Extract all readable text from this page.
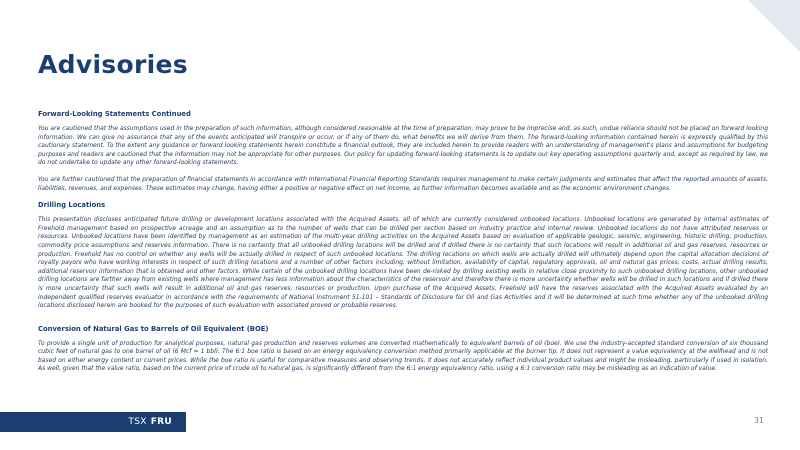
Advisories
Forward-Looking Statements Continued

You are cautioned that the assumptions used in the preparation of such information, although considered reasonable at the time of preparation, may prove to be imprecise and, as such, undue reliance should not be placed on forward looking information. We can give no assurance that any of the events anticipated will transpire or occur, or if any of them do, what benefits we will derive from them. The forward-looking information contained herein is expressly qualified by this cautionary statement. To the extent any guidance or forward looking statements herein constitute a financial outlook, they are included herein to provide readers with an understanding of management's plans and assumptions for budgeting purposes and readers are cautioned that the information may not be appropriate for other purposes. Our policy for updating forward-looking statements is to update our key operating assumptions quarterly and, except as required by law, we do not undertake to update any other forward-looking statements.

You are further cautioned that the preparation of financial statements in accordance with International Financial Reporting Standards requires management to make certain judgments and estimates that affect the reported amounts of assets, liabilities, revenues, and expenses. These estimates may change, having either a positive or negative effect on net income, as further information becomes available and as the economic environment changes.

Drilling Locations

This presentation discloses anticipated future drilling or development locations associated with the Acquired Assets, all of which are currently considered unbooked locations. Unbooked locations are generated by internal estimates of Freehold management based on prospective acreage and an assumption as to the number of wells that can be drilled per section based on industry practice and internal review. Unbooked locations do not have attributed reserves or resources. Unbooked locations have been identified by management as an estimation of the multi-year drilling activities on the Acquired Assets based on evaluation of applicable geologic, seismic, engineering, historic drilling, production, commodity price assumptions and reserves information. There is no certainty that all unbooked drilling locations will be drilled and if drilled there is no certainty that such locations will result in additional oil and gas reserves, resources or production. Freehold has no control on whether any wells will be actually drilled in respect of such unbooked locations. The drilling locations on which wells are actually drilled will ultimately depend upon the capital allocation decisions of royalty payors who have working interests in respect of such drilling locations and a number of other factors including, without limitation, availability of capital, regulatory approvals, oil and natural gas prices, costs, actual drilling results, additional reservoir information that is obtained and other factors. While certain of the unbooked drilling locations have been de-risked by drilling existing wells in relative close proximity to such unbooked drilling locations, other unbooked drilling locations are farther away from existing wells where management has less information about the characteristics of the reservoir and therefore there is more uncertainty whether wells will be drilled in such locations and if drilled there is more uncertainty that such wells will result in additional oil and gas reserves, resources or production. Upon purchase of the Acquired Assets, Freehold will have the reserves associated with the Acquired Assets evaluated by an independent qualified reserves evaluator in accordance with the requirements of National Instrument 51-101 – Standards of Disclosure for Oil and Gas Activities and it will be determined at such time whether any of the unbooked drilling locations disclosed herein are booked for the purposes of such evaluation with associated proved or probable reserves.

Conversion of Natural Gas to Barrels of Oil Equivalent (BOE)

To provide a single unit of production for analytical purposes, natural gas production and reserves volumes are converted mathematically to equivalent barrels of oil (boe). We use the industry-accepted standard conversion of six thousand cubic feet of natural gas to one barrel of oil (6 Mcf = 1 bbl). The 6:1 boe ratio is based on an energy equivalency conversion method primarily applicable at the burner tip. It does not represent a value equivalency at the wellhead and is not based on either energy content or current prices. While the boe ratio is useful for comparative measures and observing trends, it does not accurately reflect individual product values and might be misleading, particularly if used in isolation. As well, given that the value ratio, based on the current price of crude oil to natural gas, is significantly different from the 6:1 energy equivalency ratio, using a 6:1 conversion ratio may be misleading as an indication of value.

TSX FRU	31
